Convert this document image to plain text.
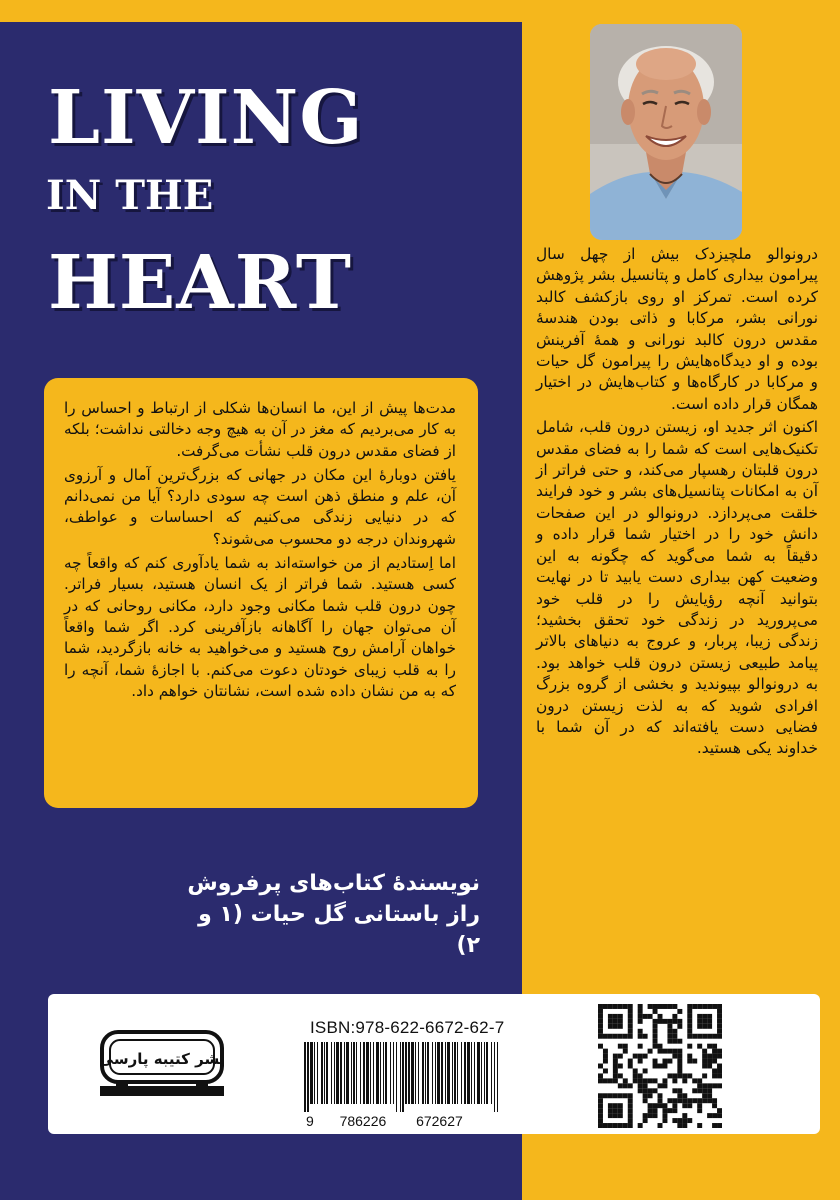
LIVING
IN THE
HEART

مدت‌ها پیش از این، ما انسان‌ها شکلی از ارتباط و احساس را به کار می‌بردیم که مغز در آن به هیچ وجه دخالتی نداشت؛ بلکه از فضای مقدس درون قلب نشأت می‌گرفت.

یافتن دوبارهٔ این مکان در جهانی که بزرگ‌ترین آمال و آرزوی آن، علم و منطق ذهن است چه سودی دارد؟ آیا من نمی‌دانم که در دنیایی زندگی می‌کنیم که احساسات و عواطف، شهروندان درجه دو محسوب می‌شوند؟

اما اِستادیم از من خواسته‌اند به شما یادآوری کنم که واقعاً چه کسی هستید. شما فراتر از یک انسان هستید، بسیار فراتر. چون درون قلب شما مکانی وجود دارد، مکانی روحانی که در آن می‌توان جهان را آگاهانه بازآفرینی کرد. اگر شما واقعاً خواهان آرامش روح هستید و می‌خواهید به خانه بازگردید، شما را به قلب زیبای خودتان دعوت می‌کنم. با اجازهٔ شما، آنچه را که به من نشان داده شده است، نشانتان خواهم داد.

نویسندهٔ کتاب‌های پرفروش
راز باستانی گل حیات (۱ و ۲)

درونوالو ملچیزدک بیش از چهل سال پیرامون بیداری کامل و پتانسیل بشر پژوهش کرده است. تمرکز او روی بازکشف کالبد نورانی بشر، مرکابا و ذاتی بودن هندسهٔ مقدس درون کالبد نورانی و همهٔ آفرینش بوده و او دیدگاه‌هایش را پیرامون گل حیات و مرکابا در کارگاه‌ها و کتاب‌هایش در اختیار همگان قرار داده است.

اکنون اثر جدید او، زیستن درون قلب، شامل تکنیک‌هایی است که شما را به فضای مقدس درون قلبتان رهسپار می‌کند، و حتی فراتر از آن به امکانات پتانسیل‌های بشر و خود فرایند خلقت می‌پردازد. درونوالو در این صفحات دانش خود را در اختیار شما قرار داده و دقیقاً به شما می‌گوید که چگونه به این وضعیت کهن بیداری دست یابید تا در نهایت بتوانید آنچه رؤیایش را در قلب خود می‌پرورید در زندگی خود تحقق بخشید؛ زندگی زیبا، پربار، و عروج به دنیاهای بالاتر پیامد طبیعی زیستن درون قلب خواهد بود. به درونوالو بپیوندید و بخشی از گروه بزرگ افرادی شوید که به لذت زیستن درون فضایی دست یافته‌اند که در آن شما با خداوند یکی هستید.

نشر کتیبه پارسی
ISBN:978-622-6672-62-7
9 786226 672627
